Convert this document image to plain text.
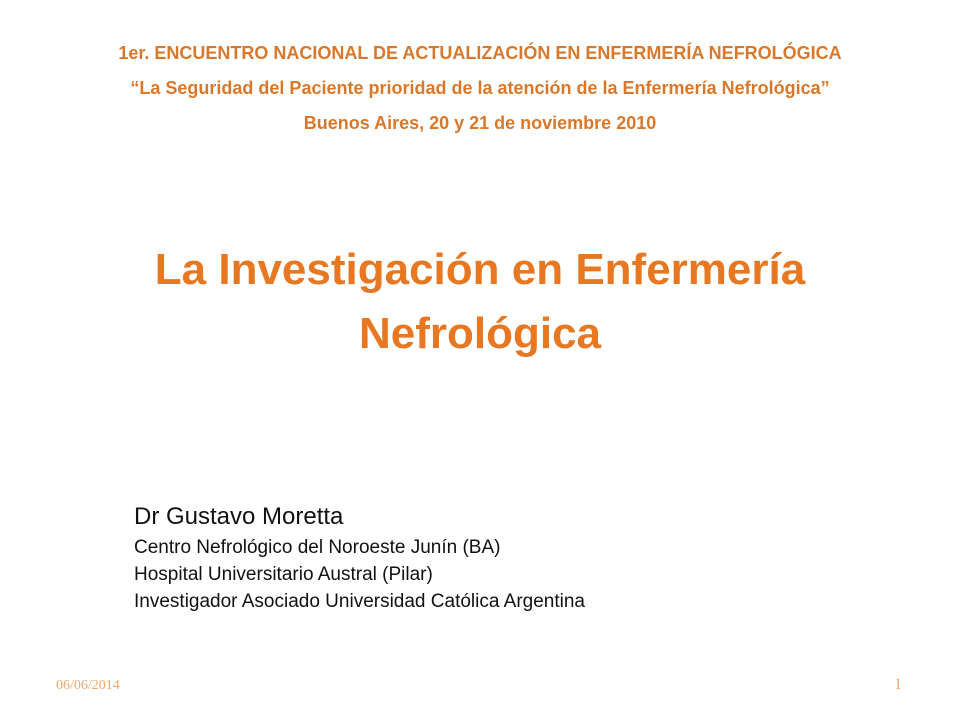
1er. ENCUENTRO NACIONAL DE ACTUALIZACIÓN EN ENFERMERÍA NEFROLÓGICA
“La Seguridad del Paciente prioridad de la atención de la Enfermería Nefrológica”
Buenos Aires, 20 y 21 de noviembre 2010
La Investigación en Enfermería
Nefrológica
Dr Gustavo Moretta
Centro Nefrológico del Noroeste Junín (BA)
Hospital Universitario Austral (Pilar)
Investigador Asociado Universidad Católica Argentina
06/06/2014	1
